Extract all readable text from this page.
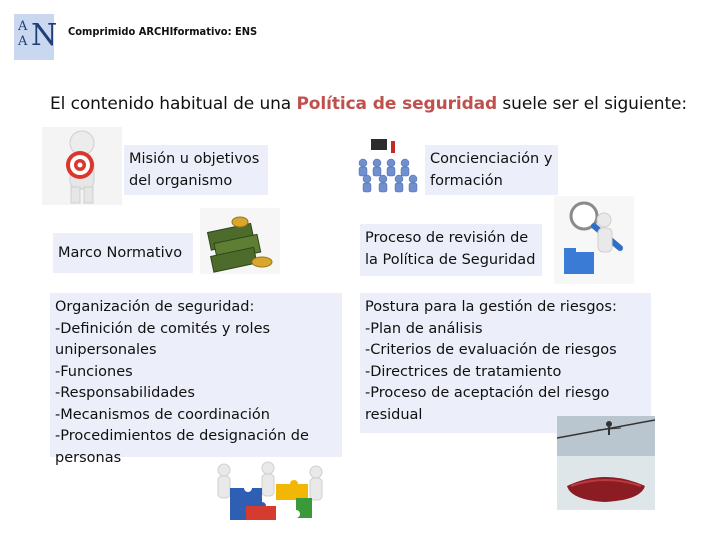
A
A N Comprimido ARCHIformativo: ENS
El contenido habitual de una Política de seguridad suele ser el siguiente:
Misión u objetivos
del organismo
Concienciación y
formación
Marco Normativo
Proceso de revisión de
la Política de Seguridad
Organización de seguridad:
-Definición de comités y roles
unipersonales
-Funciones
-Responsabilidades
-Mecanismos de coordinación
-Procedimientos de designación de
personas
Postura para la gestión de riesgos:
-Plan de análisis
-Criterios de evaluación de riesgos
-Directrices de tratamiento
-Proceso de aceptación del riesgo
residual
